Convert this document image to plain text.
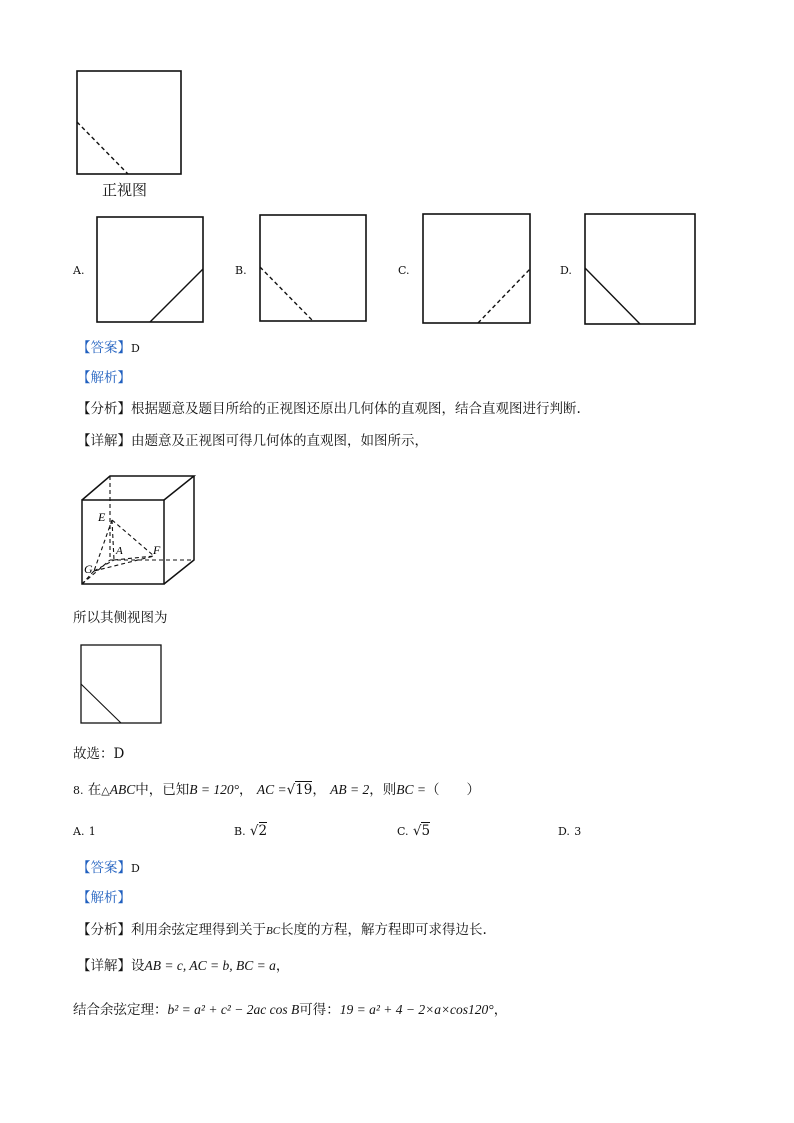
正视图
A.	B.	C.	D.
【答案】D
【解析】
【分析】根据题意及题目所给的正视图还原出几何体的直观图，结合直观图进行判断.
【详解】由题意及正视图可得几何体的直观图，如图所示，
E
A	F
G
所以其侧视图为
故选：D
8. 在△ABC中，已知B = 120°， AC =√19， AB = 2，则BC =（　　）
A. 1	B. √2	C. √5	D. 3
【答案】D
【解析】
【分析】利用余弦定理得到关于BC长度的方程，解方程即可求得边长.
【详解】设AB = c, AC = b, BC = a，
结合余弦定理：b² = a² + c² − 2ac cos B可得：19 = a² + 4 − 2×a×cos120°，
